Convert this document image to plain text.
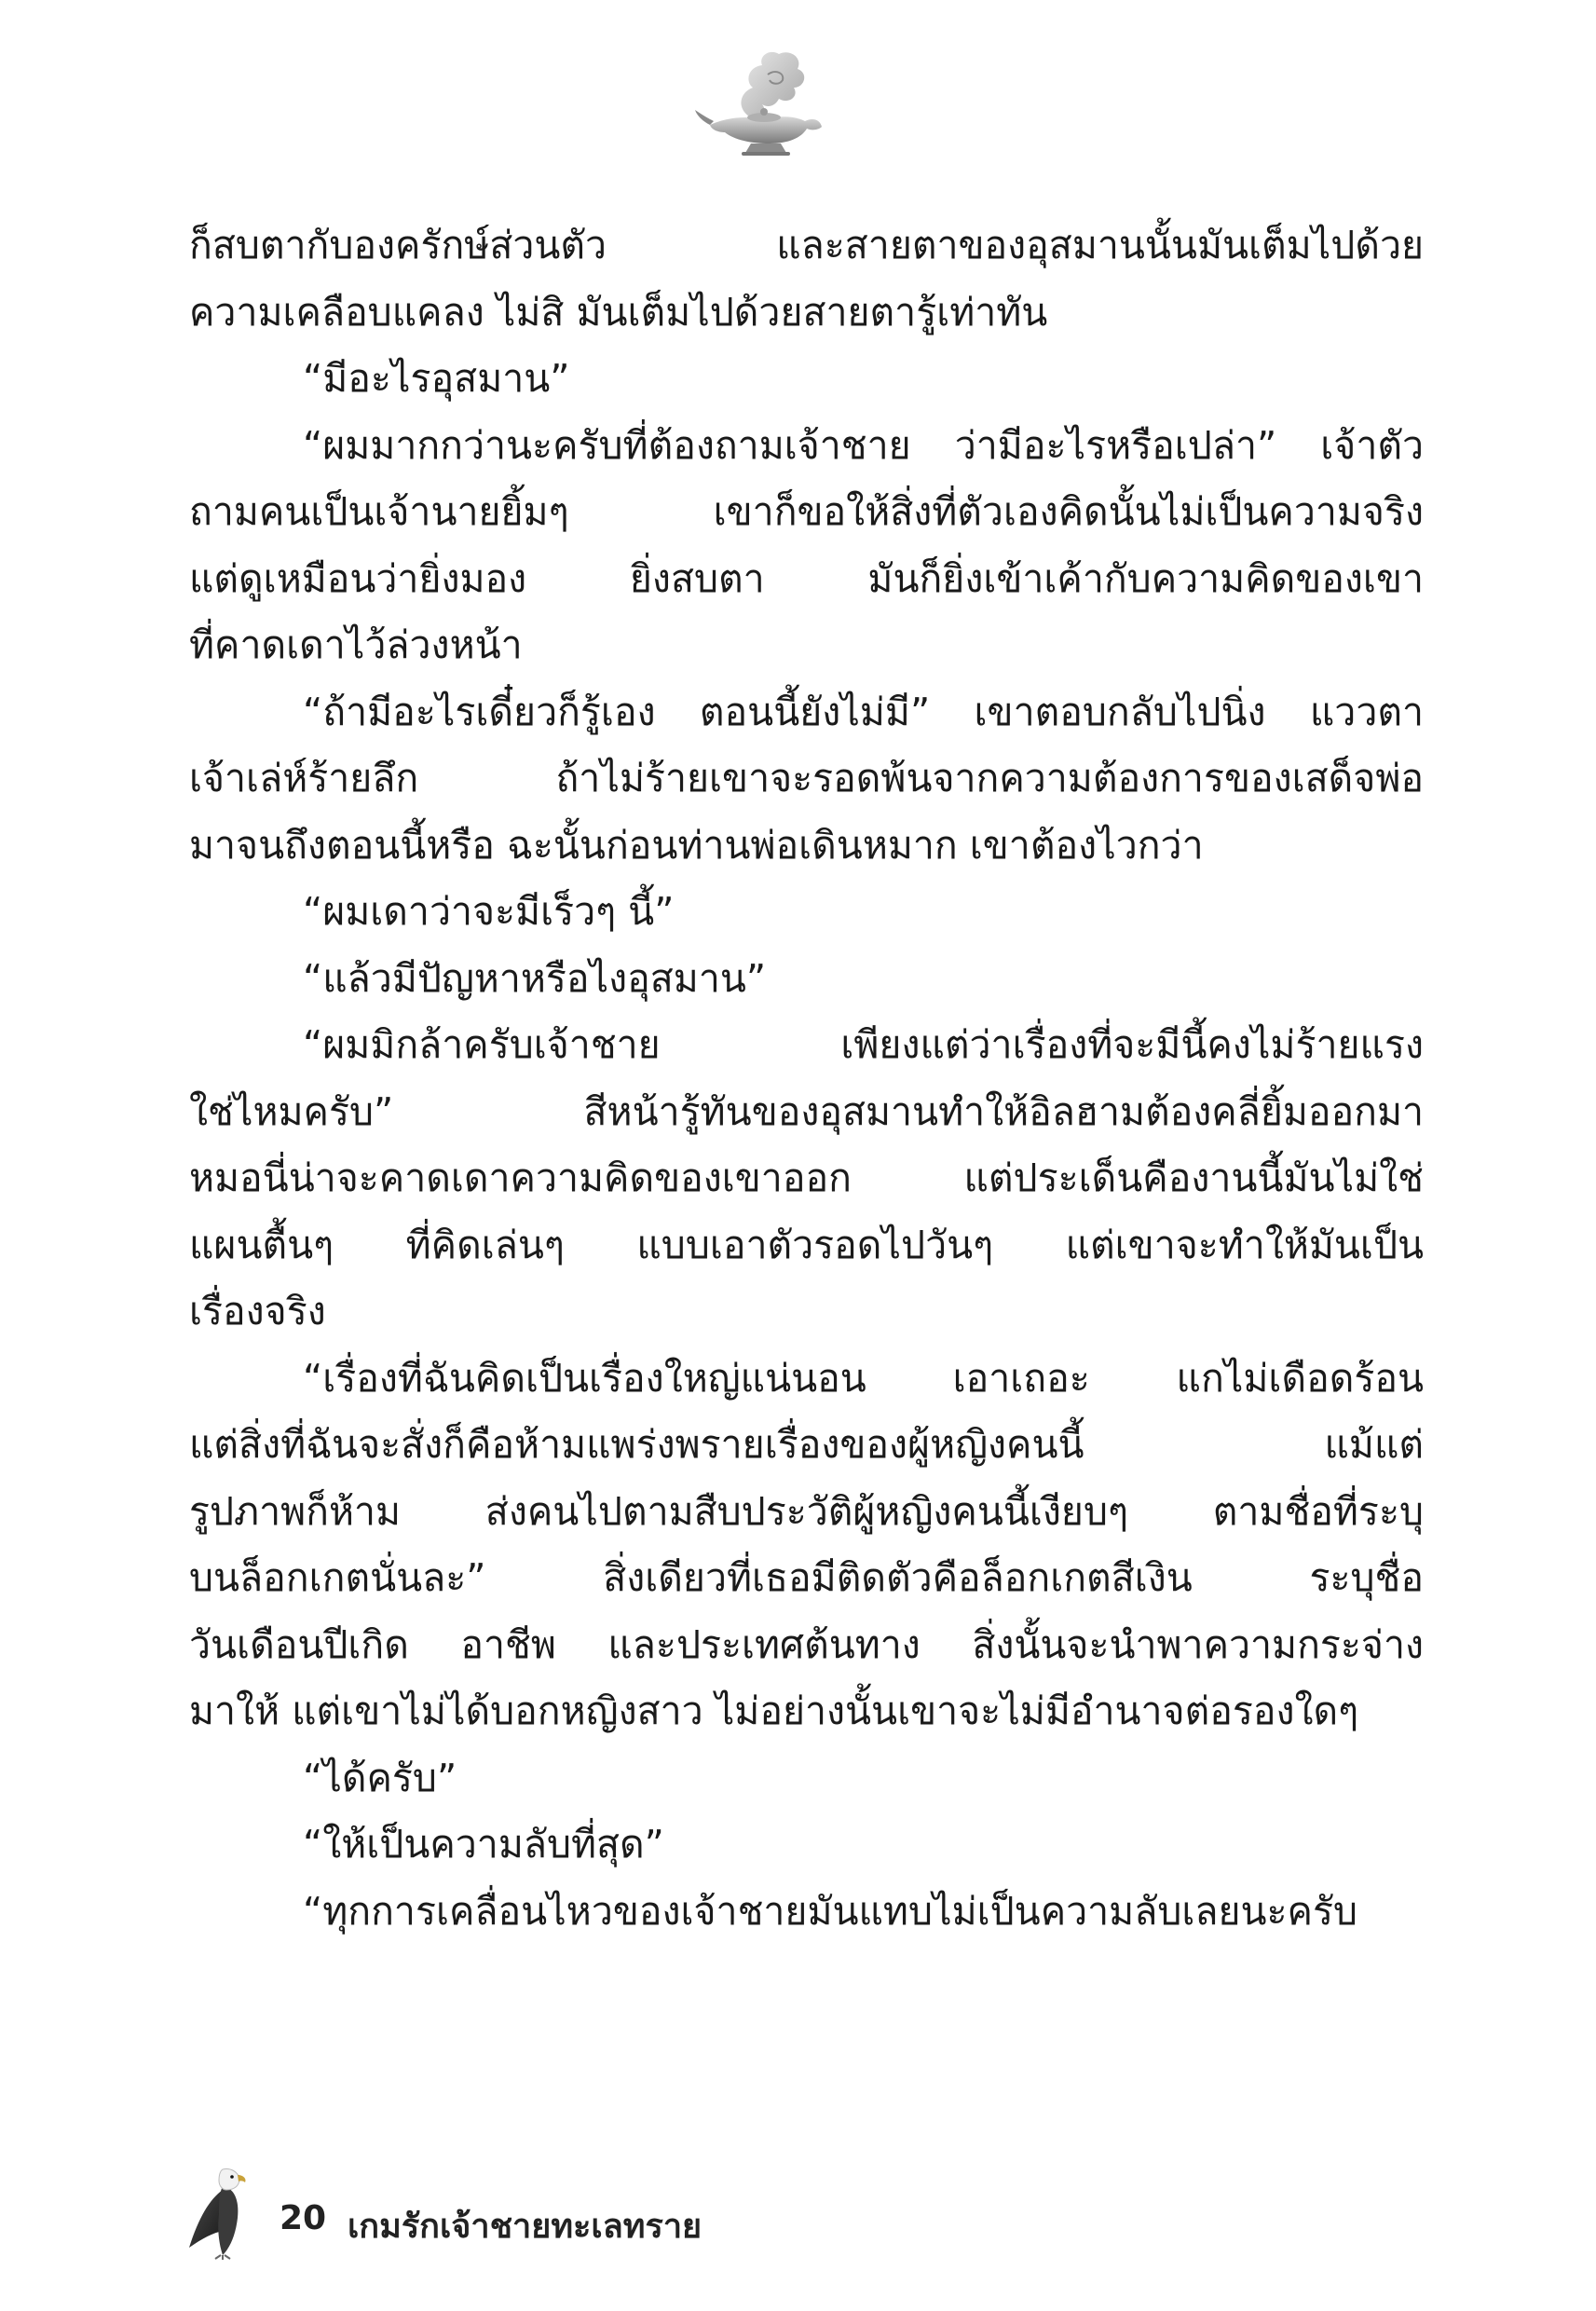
ก็สบตากับองครักษ์ส่วนตัว และสายตาของอุสมานนั้นมันเต็มไปด้วย
ความเคลือบแคลง ไม่สิ มันเต็มไปด้วยสายตารู้เท่าทัน

“มีอะไรอุสมาน”

“ผมมากกว่านะครับที่ต้องถามเจ้าชาย ว่ามีอะไรหรือเปล่า” เจ้าตัว
ถามคนเป็นเจ้านายยิ้มๆ เขาก็ขอให้สิ่งที่ตัวเองคิดนั้นไม่เป็นความจริง
แต่ดูเหมือนว่ายิ่งมอง ยิ่งสบตา มันก็ยิ่งเข้าเค้ากับความคิดของเขา
ที่คาดเดาไว้ล่วงหน้า

“ถ้ามีอะไรเดี๋ยวก็รู้เอง ตอนนี้ยังไม่มี” เขาตอบกลับไปนิ่ง แววตา
เจ้าเล่ห์ร้ายลึก ถ้าไม่ร้ายเขาจะรอดพ้นจากความต้องการของเสด็จพ่อ
มาจนถึงตอนนี้หรือ ฉะนั้นก่อนท่านพ่อเดินหมาก เขาต้องไวกว่า

“ผมเดาว่าจะมีเร็วๆ นี้”

“แล้วมีปัญหาหรือไงอุสมาน”

“ผมมิกล้าครับเจ้าชาย เพียงแต่ว่าเรื่องที่จะมีนี้คงไม่ร้ายแรง
ใช่ไหมครับ” สีหน้ารู้ทันของอุสมานทำให้อิลฮามต้องคลี่ยิ้มออกมา
หมอนี่น่าจะคาดเดาความคิดของเขาออก แต่ประเด็นคืองานนี้มันไม่ใช่
แผนตื้นๆ ที่คิดเล่นๆ แบบเอาตัวรอดไปวันๆ แต่เขาจะทำให้มันเป็น
เรื่องจริง

“เรื่องที่ฉันคิดเป็นเรื่องใหญ่แน่นอน เอาเถอะ แกไม่เดือดร้อน
แต่สิ่งที่ฉันจะสั่งก็คือห้ามแพร่งพรายเรื่องของผู้หญิงคนนี้ แม้แต่
รูปภาพก็ห้าม ส่งคนไปตามสืบประวัติผู้หญิงคนนี้เงียบๆ ตามชื่อที่ระบุ
บนล็อกเกตนั่นละ” สิ่งเดียวที่เธอมีติดตัวคือล็อกเกตสีเงิน ระบุชื่อ
วันเดือนปีเกิด อาชีพ และประเทศต้นทาง สิ่งนั้นจะนำพาความกระจ่าง
มาให้ แต่เขาไม่ได้บอกหญิงสาว ไม่อย่างนั้นเขาจะไม่มีอำนาจต่อรองใดๆ

“ได้ครับ”

“ให้เป็นความลับที่สุด”

“ทุกการเคลื่อนไหวของเจ้าชายมันแทบไม่เป็นความลับเลยนะครับ

20 เกมรักเจ้าชายทะเลทราย
